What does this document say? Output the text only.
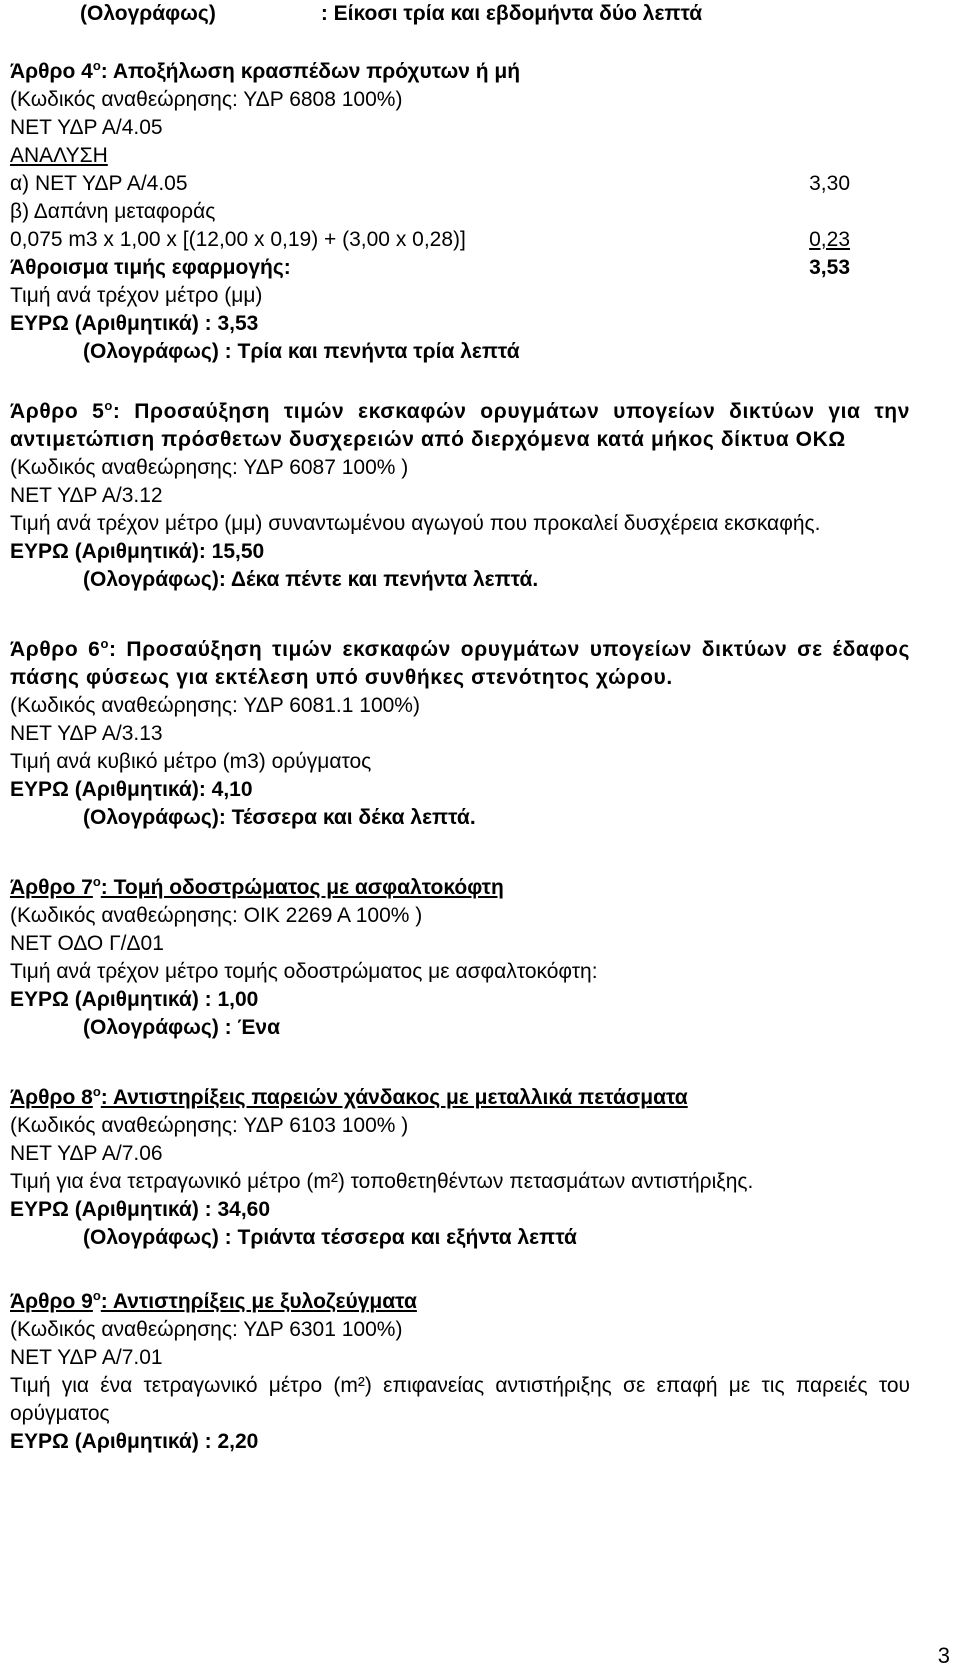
(Ολογράφως)	: Είκοσι τρία και εβδομήντα δύο λεπτά
Άρθρο $4^o$: Αποξήλωση κρασπέδων πρόχυτων ή μή
(Κωδικός αναθεώρησης: ΥΔΡ 6808 100%)
ΝΕΤ ΥΔΡ Α/4.05
ΑΝΑΛΥΣΗ
α) ΝΕΤ ΥΔΡ Α/4.05	3,30
β) Δαπάνη μεταφοράς
0,075 m3 x 1,00 x [(12,00 x 0,19) + (3,00 x 0,28)]	0,23
Άθροισμα τιμής εφαρμογής:	3,53
Τιμή ανά τρέχον μέτρο (μμ)
ΕΥΡΩ (Αριθμητικά) : 3,53
(Ολογράφως) : Τρία και πενήντα τρία λεπτά
Άρθρο $5^o$: Προσαύξηση τιμών εκσκαφών ορυγμάτων υπογείων δικτύων για την αντιμετώπιση πρόσθετων δυσχερειών από διερχόμενα κατά μήκος δίκτυα ΟΚΩ
(Κωδικός αναθεώρησης: ΥΔΡ 6087 100% )
ΝΕΤ ΥΔΡ Α/3.12
Τιμή ανά τρέχον μέτρο (μμ) συναντωμένου αγωγού που προκαλεί δυσχέρεια εκσκαφής.
ΕΥΡΩ (Αριθμητικά): 15,50
(Ολογράφως): Δέκα πέντε και πενήντα λεπτά.
Άρθρο $6^o$: Προσαύξηση τιμών εκσκαφών ορυγμάτων υπογείων δικτύων σε έδαφος πάσης φύσεως για εκτέλεση υπό συνθήκες στενότητος χώρου.
(Κωδικός αναθεώρησης: ΥΔΡ 6081.1 100%)
ΝΕΤ ΥΔΡ Α/3.13
Τιμή ανά κυβικό μέτρο (m3) ορύγματος
ΕΥΡΩ (Αριθμητικά): 4,10
(Ολογράφως): Τέσσερα και δέκα λεπτά.
Άρθρο $7^o$: Τομή οδοστρώματος με ασφαλτοκόφτη
(Κωδικός αναθεώρησης: ΟΙΚ 2269 Α 100% )
ΝΕΤ ΟΔΟ Γ/Δ01
Τιμή ανά τρέχον μέτρο τομής οδοστρώματος με ασφαλτοκόφτη:
ΕΥΡΩ (Αριθμητικά) : 1,00
(Ολογράφως) : Ένα
Άρθρο $8^o$: Αντιστηρίξεις παρειών χάνδακος με μεταλλικά πετάσματα
(Κωδικός αναθεώρησης: ΥΔΡ 6103 100% )
ΝΕΤ ΥΔΡ Α/7.06
Τιμή για ένα τετραγωνικό μέτρο (m²) τοποθετηθέντων πετασμάτων αντιστήριξης.
ΕΥΡΩ (Αριθμητικά) : 34,60
(Ολογράφως) : Τριάντα τέσσερα και εξήντα λεπτά
Άρθρο $9^o$: Αντιστηρίξεις με ξυλοζεύγματα
(Κωδικός αναθεώρησης: ΥΔΡ 6301 100%)
ΝΕΤ ΥΔΡ Α/7.01
Τιμή για ένα τετραγωνικό μέτρο (m²) επιφανείας αντιστήριξης σε επαφή με τις παρειές του ορύγματος
ΕΥΡΩ (Αριθμητικά) : 2,20
3
